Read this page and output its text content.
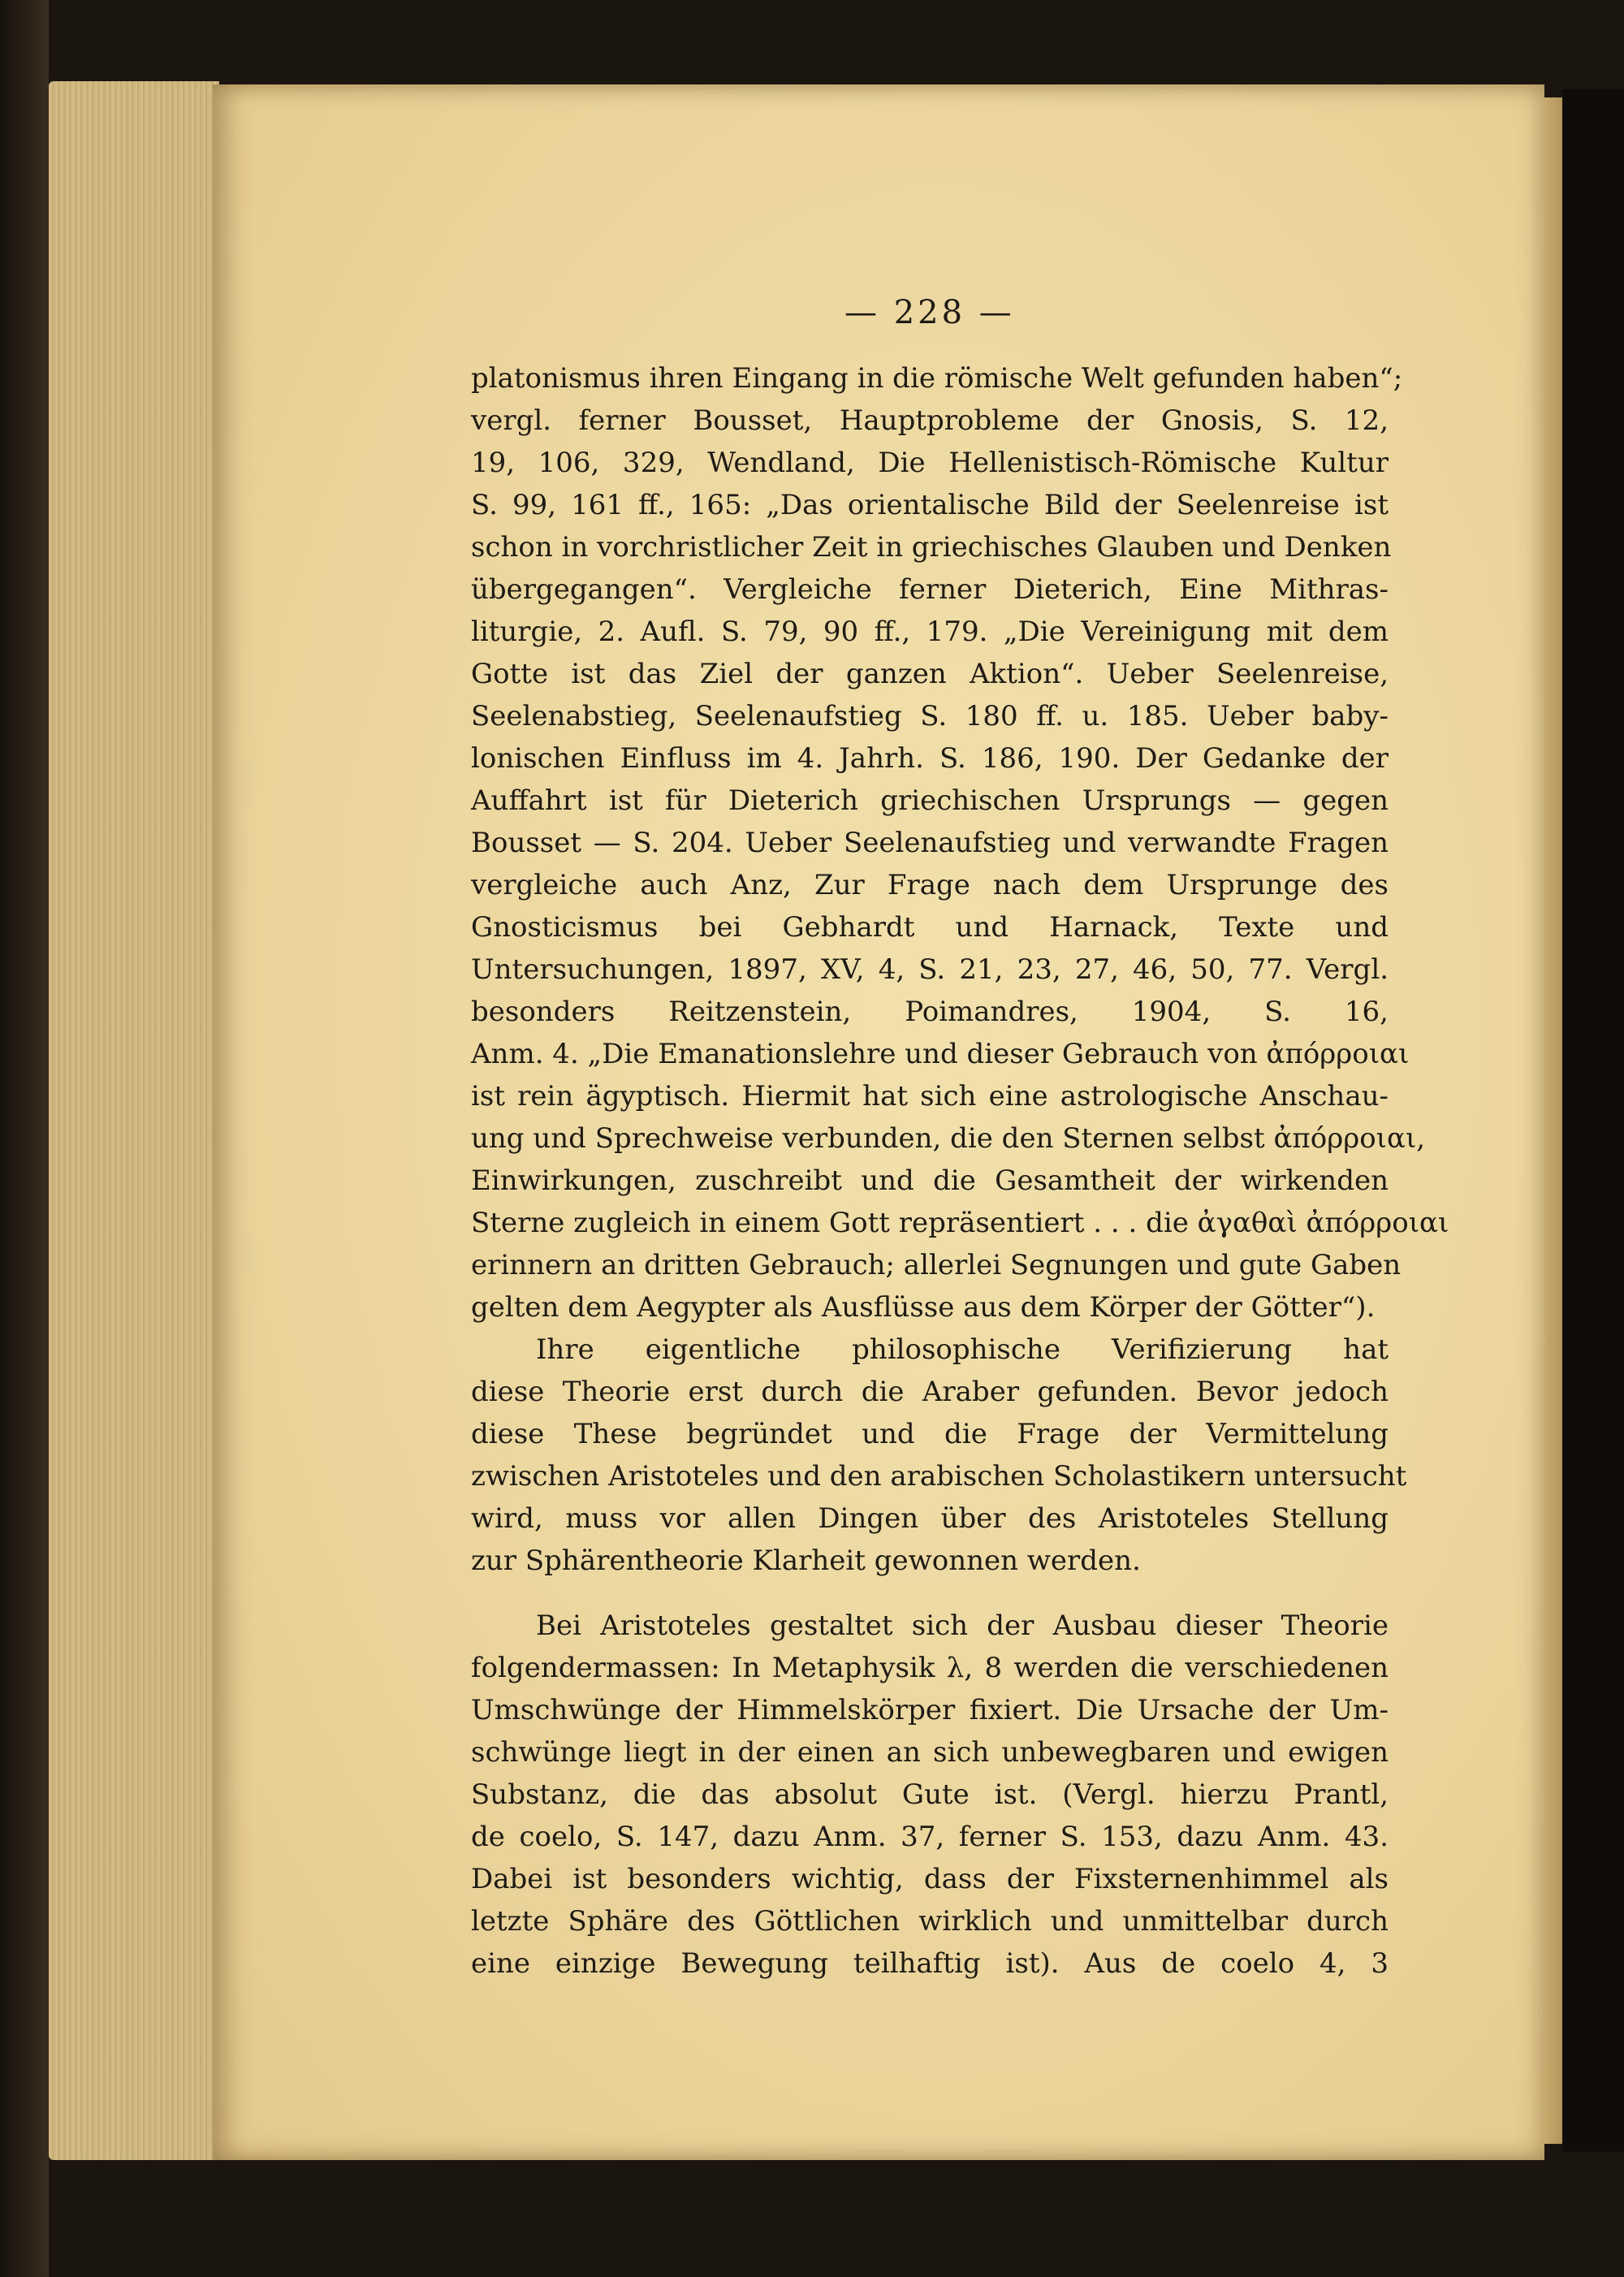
— 228 —
platonismus ihren Eingang in die römische Welt gefunden haben“;
vergl. ferner Bousset, Hauptprobleme der Gnosis, S. 12,
19, 106, 329, Wendland, Die Hellenistisch-Römische Kultur
S. 99, 161 ff., 165: „Das orientalische Bild der Seelenreise ist
schon in vorchristlicher Zeit in griechisches Glauben und Denken
übergegangen“. Vergleiche ferner Dieterich, Eine Mithras-
liturgie, 2. Aufl. S. 79, 90 ff., 179. „Die Vereinigung mit dem
Gotte ist das Ziel der ganzen Aktion“. Ueber Seelenreise,
Seelenabstieg, Seelenaufstieg S. 180 ff. u. 185. Ueber baby-
lonischen Einfluss im 4. Jahrh. S. 186, 190. Der Gedanke der
Auffahrt ist für Dieterich griechischen Ursprungs — gegen
Bousset — S. 204. Ueber Seelenaufstieg und verwandte Fragen
vergleiche auch Anz, Zur Frage nach dem Ursprunge des
Gnosticismus bei Gebhardt und Harnack, Texte und
Untersuchungen, 1897, XV, 4, S. 21, 23, 27, 46, 50, 77. Vergl.
besonders Reitzenstein, Poimandres, 1904, S. 16,
Anm. 4. „Die Emanationslehre und dieser Gebrauch von ἀπόρροιαι
ist rein ägyptisch. Hiermit hat sich eine astrologische Anschau-
ung und Sprechweise verbunden, die den Sternen selbst ἀπόρροιαι,
Einwirkungen, zuschreibt und die Gesamtheit der wirkenden
Sterne zugleich in einem Gott repräsentiert . . . die ἀγαθαὶ ἀπόρροιαι
erinnern an dritten Gebrauch; allerlei Segnungen und gute Gaben
gelten dem Aegypter als Ausflüsse aus dem Körper der Götter“).
Ihre eigentliche philosophische Verifizierung hat
diese Theorie erst durch die Araber gefunden. Bevor jedoch
diese These begründet und die Frage der Vermittelung
zwischen Aristoteles und den arabischen Scholastikern untersucht
wird, muss vor allen Dingen über des Aristoteles Stellung
zur Sphärentheorie Klarheit gewonnen werden.
Bei Aristoteles gestaltet sich der Ausbau dieser Theorie
folgendermassen: In Metaphysik λ, 8 werden die verschiedenen
Umschwünge der Himmelskörper fixiert. Die Ursache der Um-
schwünge liegt in der einen an sich unbewegbaren und ewigen
Substanz, die das absolut Gute ist. (Vergl. hierzu Prantl,
de coelo, S. 147, dazu Anm. 37, ferner S. 153, dazu Anm. 43.
Dabei ist besonders wichtig, dass der Fixsternenhimmel als
letzte Sphäre des Göttlichen wirklich und unmittelbar durch
eine einzige Bewegung teilhaftig ist). Aus de coelo 4, 3
